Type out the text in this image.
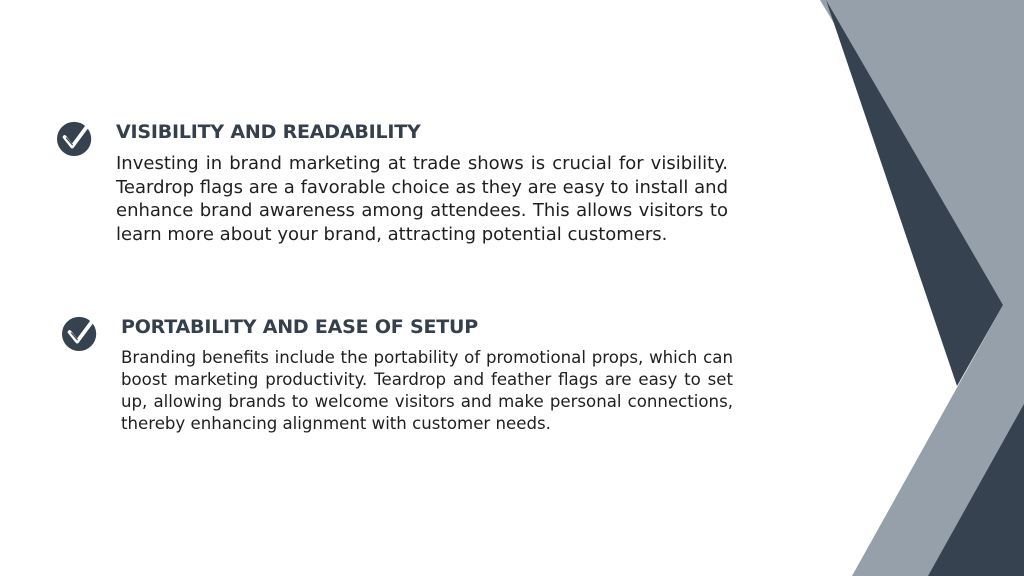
VISIBILITY AND READABILITY

Investing in brand marketing at trade shows is crucial for visibility. Teardrop flags are a favorable choice as they are easy to install and enhance brand awareness among attendees. This allows visitors to learn more about your brand, attracting potential customers.

PORTABILITY AND EASE OF SETUP

Branding benefits include the portability of promotional props, which can boost marketing productivity. Teardrop and feather flags are easy to set up, allowing brands to welcome visitors and make personal connections, thereby enhancing alignment with customer needs.
